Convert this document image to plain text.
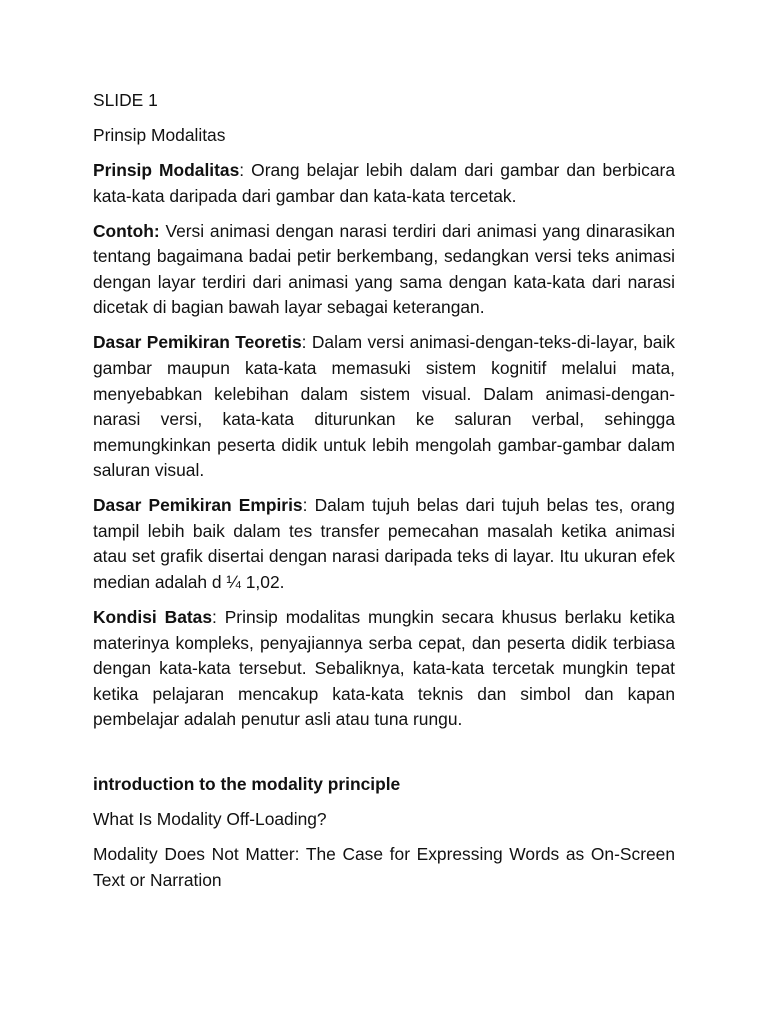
SLIDE 1

Prinsip Modalitas

Prinsip Modalitas: Orang belajar lebih dalam dari gambar dan berbicara kata-kata daripada dari gambar dan kata-kata tercetak.

Contoh: Versi animasi dengan narasi terdiri dari animasi yang dinarasikan tentang bagaimana badai petir berkembang, sedangkan versi teks animasi dengan layar terdiri dari animasi yang sama dengan kata-kata dari narasi dicetak di bagian bawah layar sebagai keterangan.

Dasar Pemikiran Teoretis: Dalam versi animasi-dengan-teks-di-layar, baik gambar maupun kata-kata memasuki sistem kognitif melalui mata, menyebabkan kelebihan dalam sistem visual. Dalam animasi-dengan-narasi versi, kata-kata diturunkan ke saluran verbal, sehingga memungkinkan peserta didik untuk lebih mengolah gambar-gambar dalam saluran visual.

Dasar Pemikiran Empiris: Dalam tujuh belas dari tujuh belas tes, orang tampil lebih baik dalam tes transfer pemecahan masalah ketika animasi atau set grafik disertai dengan narasi daripada teks di layar. Itu ukuran efek median adalah d ¼ 1,02.

Kondisi Batas: Prinsip modalitas mungkin secara khusus berlaku ketika materinya kompleks, penyajiannya serba cepat, dan peserta didik terbiasa dengan kata-kata tersebut. Sebaliknya, kata-kata tercetak mungkin tepat ketika pelajaran mencakup kata-kata teknis dan simbol dan kapan pembelajar adalah penutur asli atau tuna rungu.

introduction to the modality principle

What Is Modality Off-Loading?

Modality Does Not Matter: The Case for Expressing Words as On-Screen Text or Narration
